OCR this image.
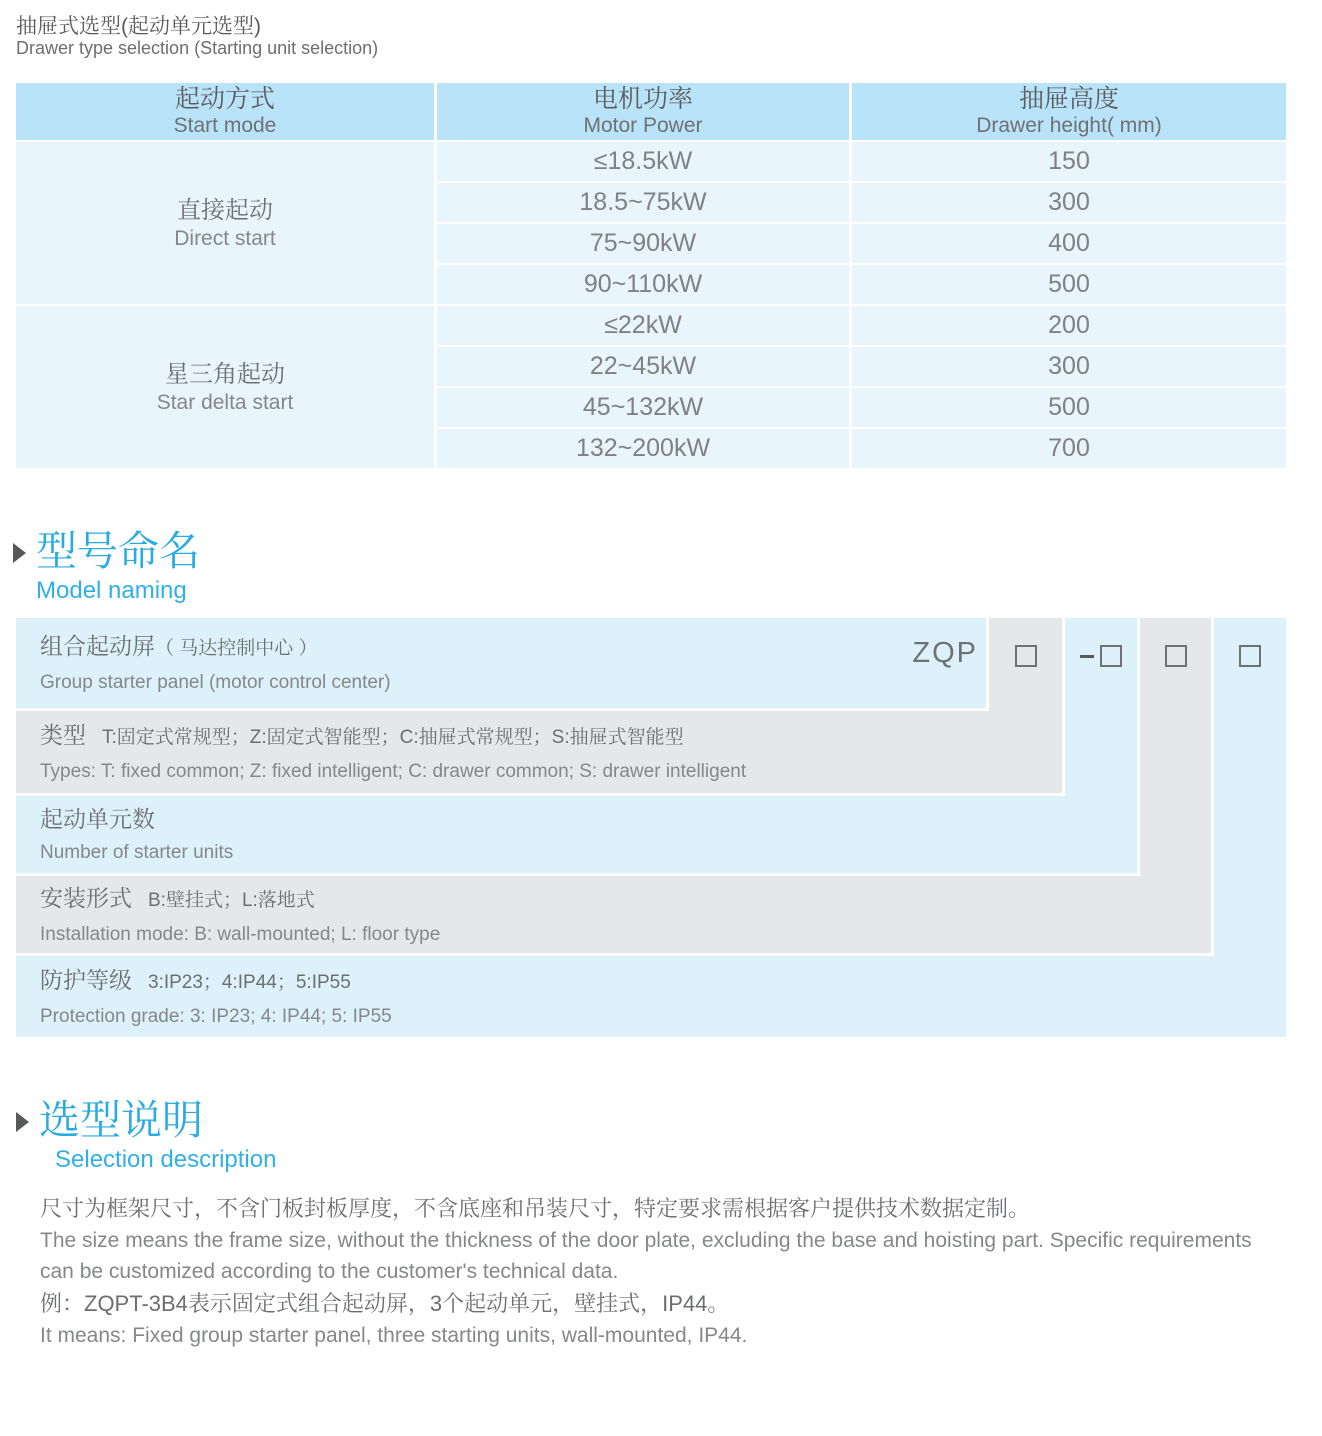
抽屉式选型(起动单元选型)
Drawer type selection (Starting unit selection)
起动方式
Start mode
电机功率
Motor Power
抽屉高度
Drawer height( mm)
直接起动
Direct start
星三角起动
Star delta start
≤18.5kW
18.5~75kW
75~90kW
90~110kW
≤22kW
22~45kW
45~132kW
132~200kW
150
300
400
500
200
300
500
700
型号命名
Model naming
组合起动屏（ 马达控制中心 ）
Group starter panel (motor control center)
ZQP
类型 T:固定式常规型；Z:固定式智能型；C:抽屉式常规型；S:抽屉式智能型
Types: T: fixed common; Z: fixed intelligent; C: drawer common; S: drawer intelligent
起动单元数
Number of starter units
安装形式 B:壁挂式；L:落地式
Installation mode: B: wall-mounted; L: floor type
防护等级 3:IP23；4:IP44；5:IP55
Protection grade: 3: IP23; 4: IP44; 5: IP55
选型说明
Selection description

尺寸为框架尺寸，不含门板封板厚度，不含底座和吊装尺寸，特定要求需根据客户提供技术数据定制。

The size means the frame size, without the thickness of the door plate, excluding the base and hoisting part. Specific requirements can be customized according to the customer's technical data.

例：ZQPT-3B4表示固定式组合起动屏，3个起动单元，壁挂式，IP44。

It means: Fixed group starter panel, three starting units, wall-mounted, IP44.
